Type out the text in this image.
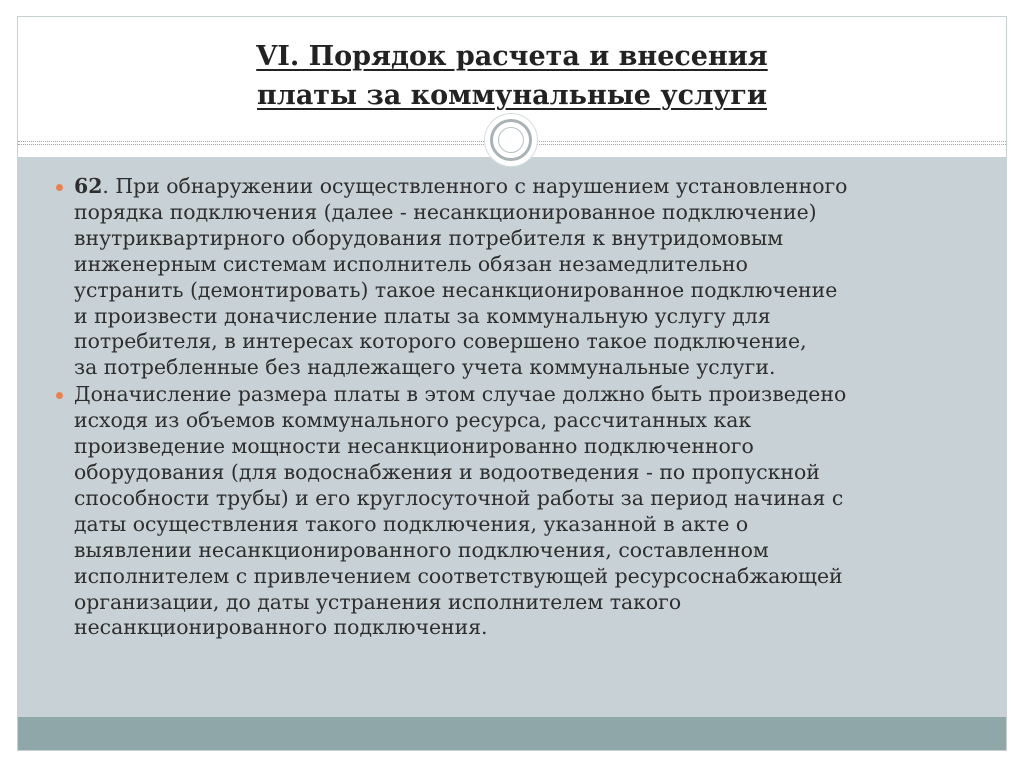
VI. Порядок расчета и внесения
платы за коммунальные услуги
62. При обнаружении осуществленного с нарушением установленного
порядка подключения (далее - несанкционированное подключение)
внутриквартирного оборудования потребителя к внутридомовым
инженерным системам исполнитель обязан незамедлительно
устранить (демонтировать) такое несанкционированное подключение
и произвести доначисление платы за коммунальную услугу для
потребителя, в интересах которого совершено такое подключение,
за потребленные без надлежащего учета коммунальные услуги.
Доначисление размера платы в этом случае должно быть произведено
исходя из объемов коммунального ресурса, рассчитанных как
произведение мощности несанкционированно подключенного
оборудования (для водоснабжения и водоотведения - по пропускной
способности трубы) и его круглосуточной работы за период начиная с
даты осуществления такого подключения, указанной в акте о
выявлении несанкционированного подключения, составленном
исполнителем с привлечением соответствующей ресурсоснабжающей
организации, до даты устранения исполнителем такого
несанкционированного подключения.
